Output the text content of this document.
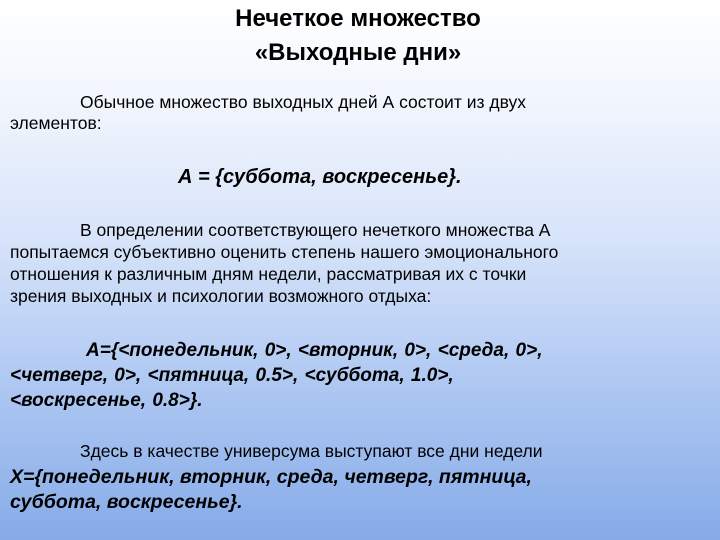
Нечеткое множество
«Выходные дни»
Обычное множество выходных дней А состоит из двух
элементов:
А = {суббота, воскресенье}.
В определении соответствующего нечеткого множества А
попытаемся субъективно оценить степень нашего эмоционального
отношения к различным дням недели, рассматривая их с точки
зрения выходных и психологии возможного отдыха:
А={<понедельник, 0>, <вторник, 0>, <среда, 0>,
<четверг, 0>, <пятница, 0.5>, <суббота, 1.0>,
<воскресенье, 0.8>}.
Здесь в качестве универсума выступают все дни недели
X={понедельник, вторник, среда, четверг, пятница,
суббота, воскресенье}.
